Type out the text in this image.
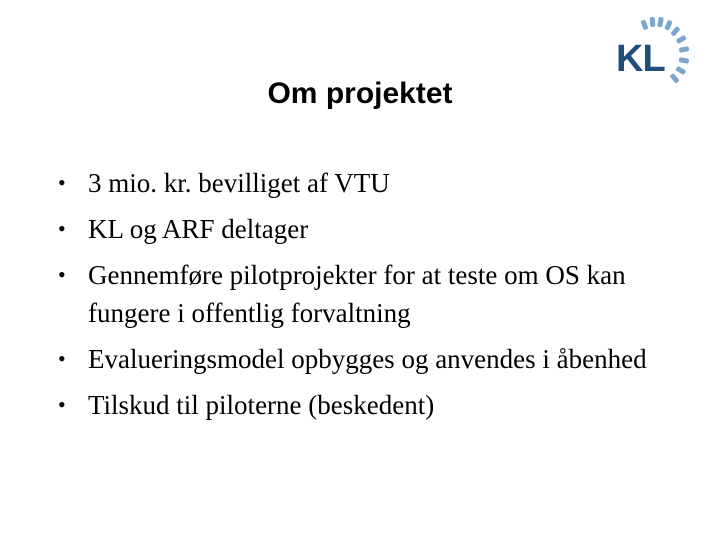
KL
Om projektet
• 3 mio. kr. bevilliget af VTU
• KL og ARF deltager
• Gennemføre pilotprojekter for at teste om OS kan fungere i offentlig forvaltning
• Evalueringsmodel opbygges og anvendes i åbenhed
• Tilskud til piloterne (beskedent)
